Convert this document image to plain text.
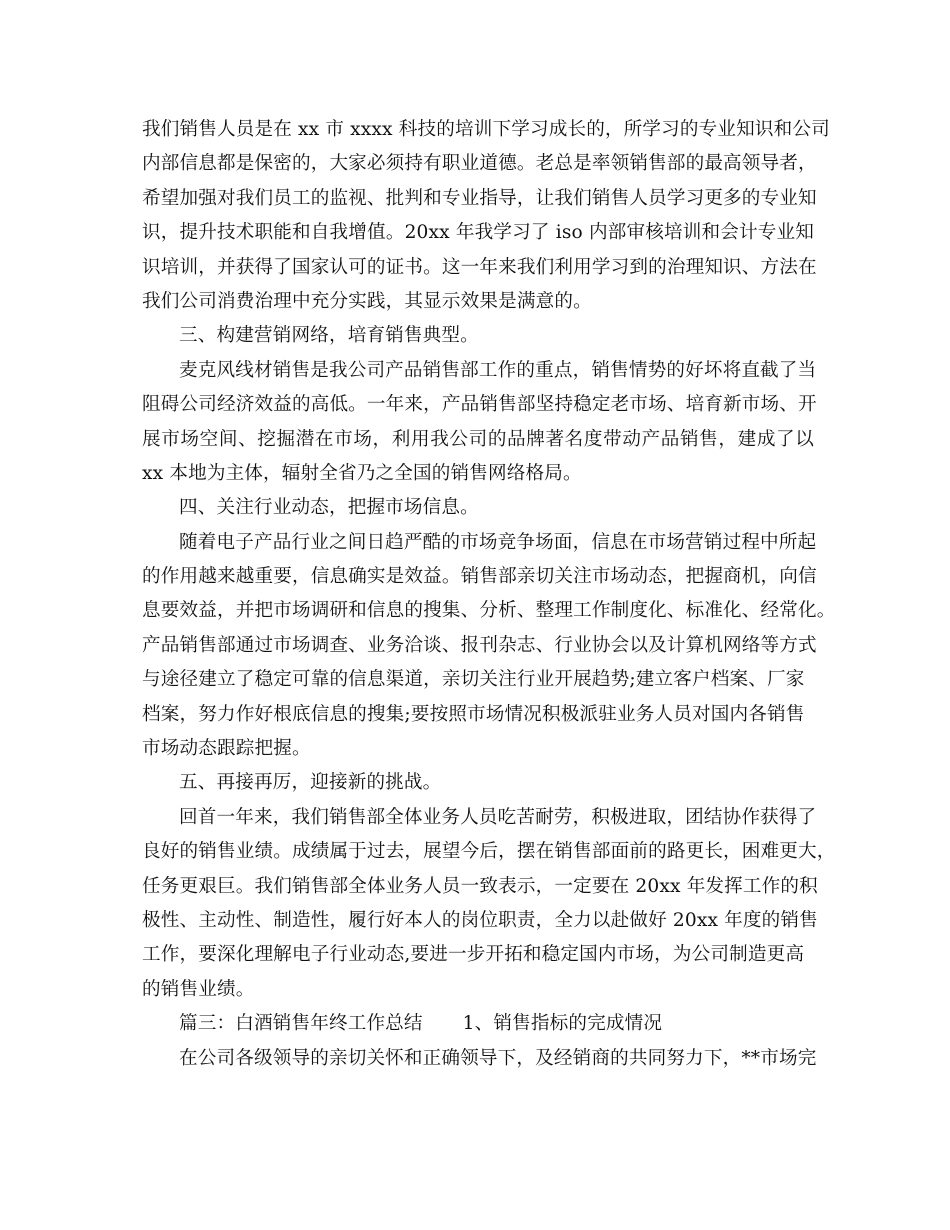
我们销售人员是在 xx 市 xxxx 科技的培训下学习成长的，所学习的专业知识和公司
内部信息都是保密的，大家必须持有职业道德。老总是率领销售部的最高领导者，
希望加强对我们员工的监视、批判和专业指导，让我们销售人员学习更多的专业知
识，提升技术职能和自我增值。20xx 年我学习了 iso 内部审核培训和会计专业知
识培训，并获得了国家认可的证书。这一年来我们利用学习到的治理知识、方法在
我们公司消费治理中充分实践，其显示效果是满意的。
三、构建营销网络，培育销售典型。
麦克风线材销售是我公司产品销售部工作的重点，销售情势的好坏将直截了当
阻碍公司经济效益的高低。一年来，产品销售部坚持稳定老市场、培育新市场、开
展市场空间、挖掘潜在市场，利用我公司的品牌著名度带动产品销售，建成了以
xx 本地为主体，辐射全省乃之全国的销售网络格局。
四、关注行业动态，把握市场信息。
随着电子产品行业之间日趋严酷的市场竞争场面，信息在市场营销过程中所起
的作用越来越重要，信息确实是效益。销售部亲切关注市场动态，把握商机，向信
息要效益，并把市场调研和信息的搜集、分析、整理工作制度化、标准化、经常化。
产品销售部通过市场调查、业务洽谈、报刊杂志、行业协会以及计算机网络等方式
与途径建立了稳定可靠的信息渠道，亲切关注行业开展趋势;建立客户档案、厂家
档案，努力作好根底信息的搜集;要按照市场情况积极派驻业务人员对国内各销售
市场动态跟踪把握。
五、再接再厉，迎接新的挑战。
回首一年来，我们销售部全体业务人员吃苦耐劳，积极进取，团结协作获得了
良好的销售业绩。成绩属于过去，展望今后，摆在销售部面前的路更长，困难更大，
任务更艰巨。我们销售部全体业务人员一致表示，一定要在 20xx 年发挥工作的积
极性、主动性、制造性，履行好本人的岗位职责，全力以赴做好 20xx 年度的销售
工作，要深化理解电子行业动态,要进一步开拓和稳定国内市场，为公司制造更高
的销售业绩。
篇三：白酒销售年终工作总结 1、销售指标的完成情况
在公司各级领导的亲切关怀和正确领导下，及经销商的共同努力下，**市场完
